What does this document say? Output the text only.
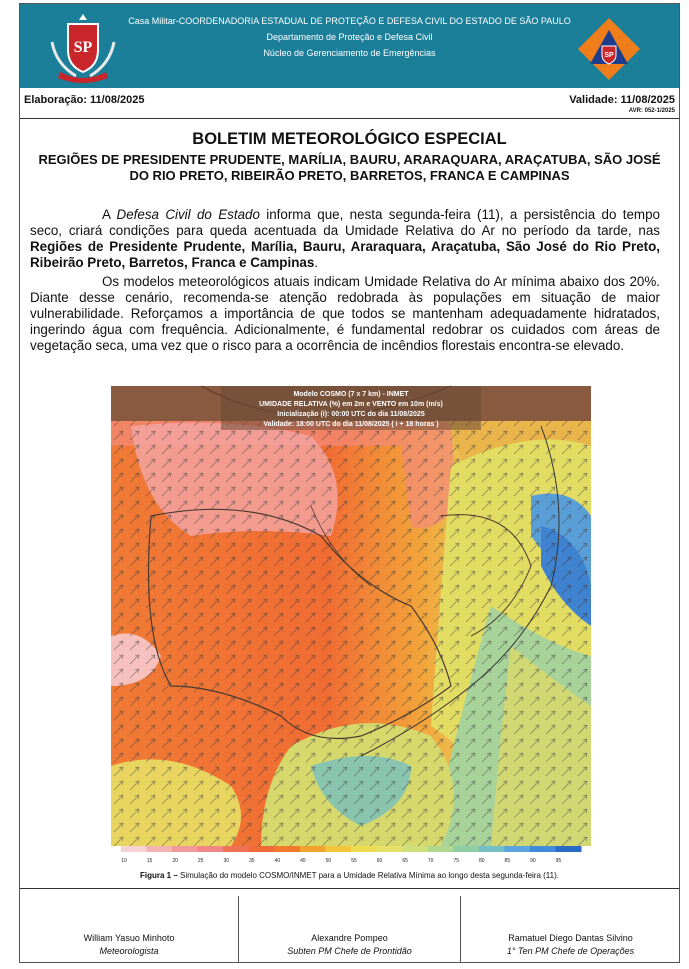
SP
Casa Militar-COORDENADORIA ESTADUAL DE PROTEÇÃO E DEFESA CIVIL DO ESTADO DE SÃO PAULO
Departamento de Proteção e Defesa Civil
Núcleo de Gerenciamento de Emergências	SP
Elaboração: 11/08/2025	Validade: 11/08/2025
AVR: 052-1/2025
BOLETIM METEOROLÓGICO ESPECIAL
REGIÕES DE PRESIDENTE PRUDENTE, MARÍLIA, BAURU, ARARAQUARA, ARAÇATUBA, SÃO JOSÉ DO RIO PRETO, RIBEIRÃO PRETO, BARRETOS, FRANCA E CAMPINAS
A Defesa Civil do Estado informa que, nesta segunda-feira (11), a persistência do tempo seco, criará condições para queda acentuada da Umidade Relativa do Ar no período da tarde, nas Regiões de Presidente Prudente, Marília, Bauru, Araraquara, Araçatuba, São José do Rio Preto, Ribeirão Preto, Barretos, Franca e Campinas.
Os modelos meteorológicos atuais indicam Umidade Relativa do Ar mínima abaixo dos 20%. Diante desse cenário, recomenda-se atenção redobrada às populações em situação de maior vulnerabilidade. Reforçamos a importância de que todos se mantenham adequadamente hidratados, ingerindo água com frequência. Adicionalmente, é fundamental redobrar os cuidados com áreas de vegetação seca, uma vez que o risco para a ocorrência de incêndios florestais encontra-se elevado.
Modelo COSMO (7 x 7 km) - INMET
UMIDADE RELATIVA (%) em 2m e VENTO em 10m (m/s)
Inicialização (i): 00:00 UTC do dia 11/08/2025
Validade: 18:00 UTC do dia 11/08/2025 ( i + 18 horas )
10	15	20	25	30	35	40	45	50	55	60	65	70	75	80	85	90	95
Figura 1 – Simulação do modelo COSMO/INMET para a Umidade Relativa Mínima ao longo desta segunda-feira (11).
William Yasuo Minhoto
Meteorologista
Alexandre Pompeo
Subten PM Chefe de Prontidão
Ramatuel Diego Dantas Silvino
1° Ten PM Chefe de Operações
